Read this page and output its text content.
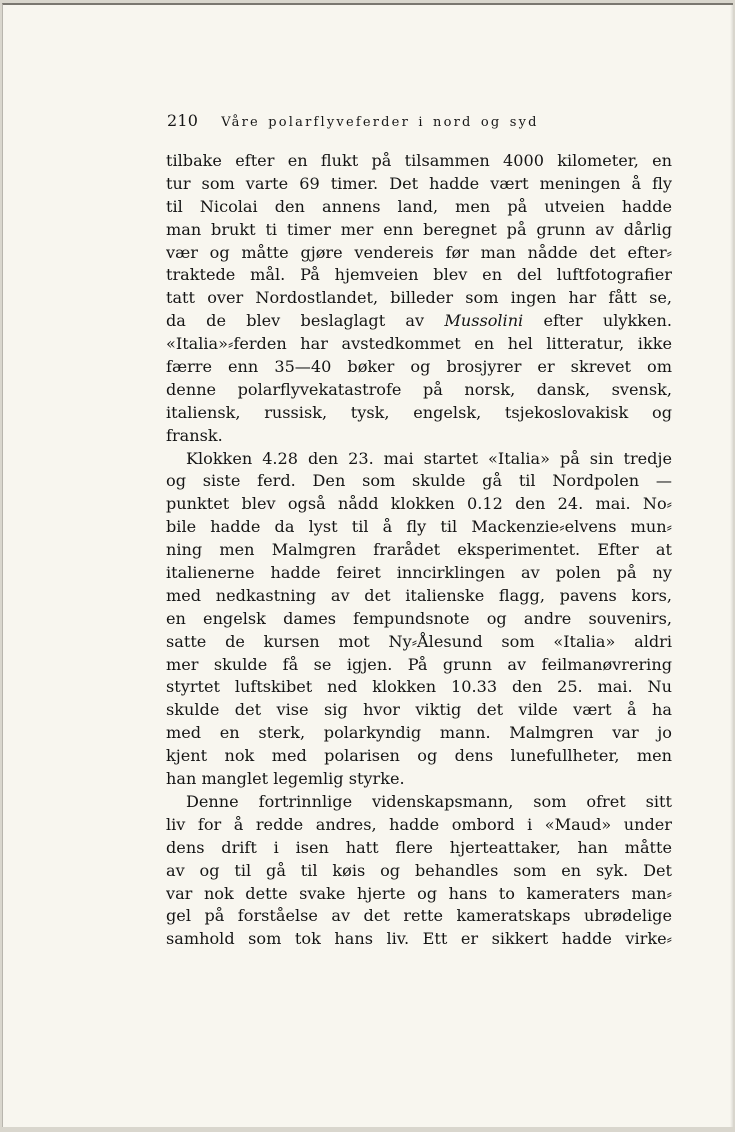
210 Våre polarflyveferder i nord og syd
tilbake efter en flukt på tilsammen 4000 kilometer, en
tur som varte 69 timer. Det hadde vært meningen å fly
til Nicolai den annens land, men på utveien hadde
man brukt ti timer mer enn beregnet på grunn av dårlig
vær og måtte gjøre vendereis før man nådde det efter⸗
traktede mål. På hjemveien blev en del luftfotografier
tatt over Nordostlandet, billeder som ingen har fått se,
da de blev beslaglagt av Mussolini efter ulykken.
«Italia»⸗ferden har avstedkommet en hel litteratur, ikke
færre enn 35—40 bøker og brosjyrer er skrevet om
denne polarflyvekatastrofe på norsk, dansk, svensk,
italiensk, russisk, tysk, engelsk, tsjekoslovakisk og
fransk.
Klokken 4.28 den 23. mai startet «Italia» på sin tredje
og siste ferd. Den som skulde gå til Nordpolen —
punktet blev også nådd klokken 0.12 den 24. mai. No⸗
bile hadde da lyst til å fly til Mackenzie⸗elvens mun⸗
ning men Malmgren frarådet eksperimentet. Efter at
italienerne hadde feiret inncirklingen av polen på ny
med nedkastning av det italienske flagg, pavens kors,
en engelsk dames fempundsnote og andre souvenirs,
satte de kursen mot Ny⸗Ålesund som «Italia» aldri
mer skulde få se igjen. På grunn av feilmanøvrering
styrtet luftskibet ned klokken 10.33 den 25. mai. Nu
skulde det vise sig hvor viktig det vilde vært å ha
med en sterk, polarkyndig mann. Malmgren var jo
kjent nok med polarisen og dens lunefullheter, men
han manglet legemlig styrke.
Denne fortrinnlige videnskapsmann, som ofret sitt
liv for å redde andres, hadde ombord i «Maud» under
dens drift i isen hatt flere hjerteattaker, han måtte
av og til gå til køis og behandles som en syk. Det
var nok dette svake hjerte og hans to kameraters man⸗
gel på forståelse av det rette kameratskaps ubrødelige
samhold som tok hans liv. Ett er sikkert hadde virke⸗
